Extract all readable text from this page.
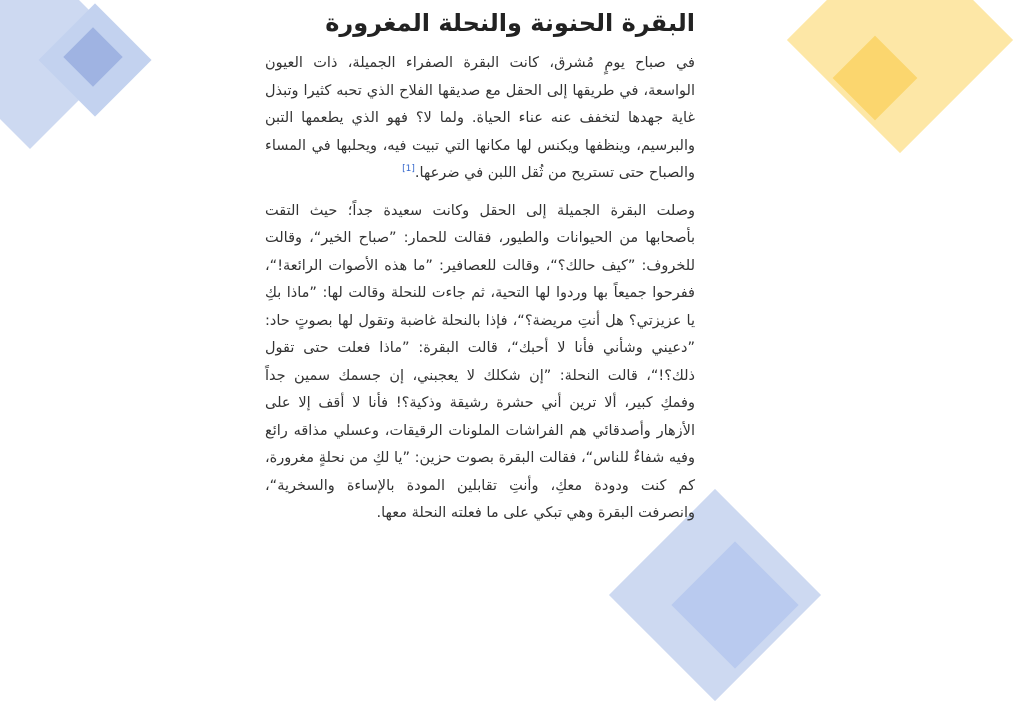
البقرة الحنونة والنحلة المغرورة

في صباح يومٍ مُشرق، كانت البقرة الصفراء الجميلة، ذات العيون الواسعة، في طريقها إلى الحقل مع صديقها الفلاح الذي تحبه كثيرا وتبذل غاية جهدها لتخفف عنه عناء الحياة. ولما لا؟ فهو الذي يطعمها التبن والبرسيم، وينظفها ويكنس لها مكانها التي تبيت فيه، ويحلبها في المساء والصباح حتى تستريح من ثُقل اللبن في ضرعها.[1]

وصلت البقرة الجميلة إلى الحقل وكانت سعيدة جداً؛ حيث التقت بأصحابها من الحيوانات والطيور، فقالت للحمار: ”صباح الخير“، وقالت للخروف: ”كيف حالك؟“، وقالت للعصافير: ”ما هذه الأصوات الرائعة!“، ففرحوا جميعاً بها وردوا لها التحية، ثم جاءت للنحلة وقالت لها: ”ماذا بكِ يا عزيزتي؟ هل أنتِ مريضة؟“، فإذا بالنحلة غاضبة وتقول لها بصوتٍ حاد: ”دعيني وشأني فأنا لا أحبك“، قالت البقرة: ”ماذا فعلت حتى تقول ذلك؟!“، قالت النحلة: ”إن شكلك لا يعجبني، إن جسمك سمين جداً وفمكِ كبير، ألا ترين أني حشرة رشيقة وذكية؟! فأنا لا أقف إلا على الأزهار وأصدقائي هم الفراشات الملونات الرقيقات، وعسلي مذاقه رائع وفيه شفاءٌ للناس“، فقالت البقرة بصوت حزين: ”يا لكِ من نحلةٍ مغرورة، كم كنت ودودة معكِ، وأنتِ تقابلين المودة بالإساءة والسخرية“، وانصرفت البقرة وهي تبكي على ما فعلته النحلة معها.
